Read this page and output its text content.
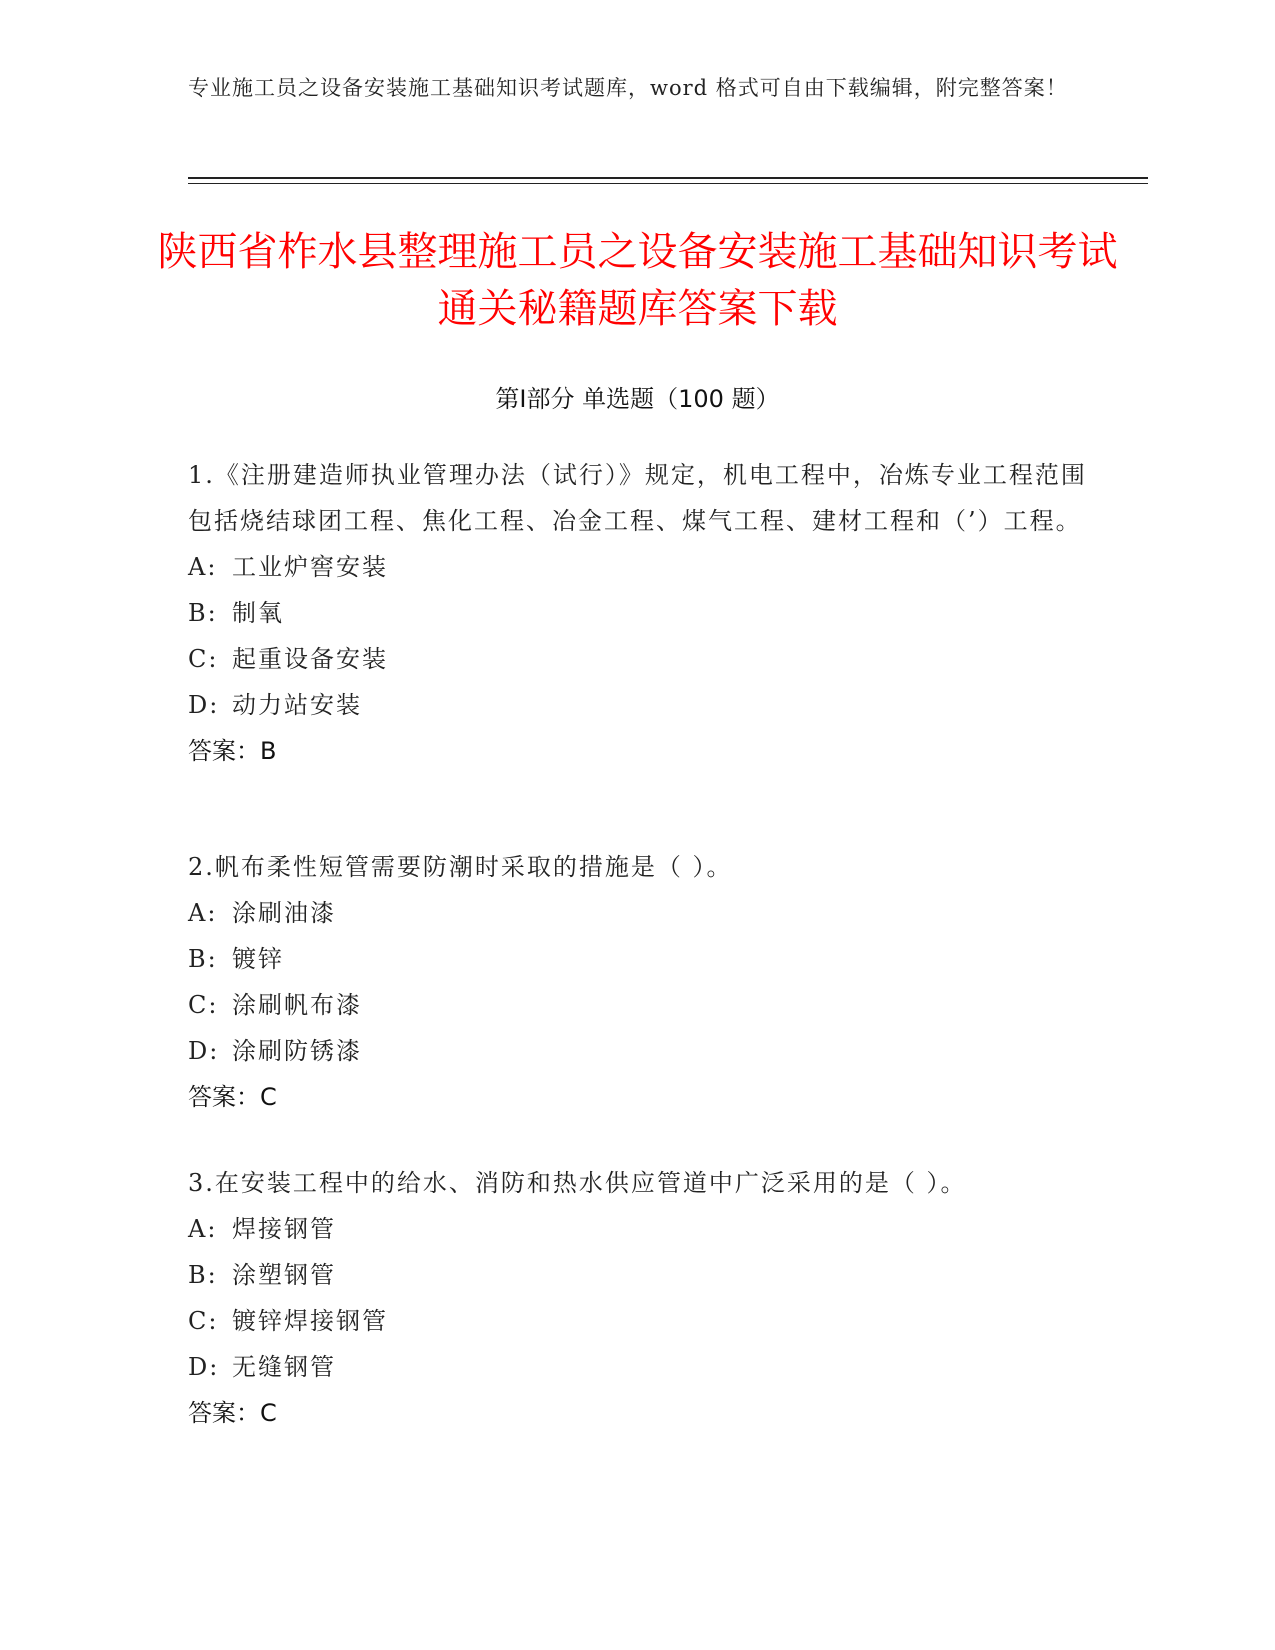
专业施工员之设备安装施工基础知识考试题库，word 格式可自由下载编辑，附完整答案！
陕西省柞水县整理施工员之设备安装施工基础知识考试通关秘籍题库答案下载
第Ⅰ部分 单选题（100 题）

1.《注册建造师执业管理办法（试行）》规定，机电工程中，冶炼专业工程范围包括烧结球团工程、焦化工程、冶金工程、煤气工程、建材工程和（’）工程。

A: 工业炉窖安装

B: 制氧

C: 起重设备安装

D: 动力站安装

答案：B

2.帆布柔性短管需要防潮时采取的措施是（ ）。

A: 涂刷油漆

B: 镀锌

C: 涂刷帆布漆

D: 涂刷防锈漆

答案：C

3.在安装工程中的给水、消防和热水供应管道中广泛采用的是（ ）。

A: 焊接钢管

B: 涂塑钢管

C: 镀锌焊接钢管

D: 无缝钢管

答案：C
